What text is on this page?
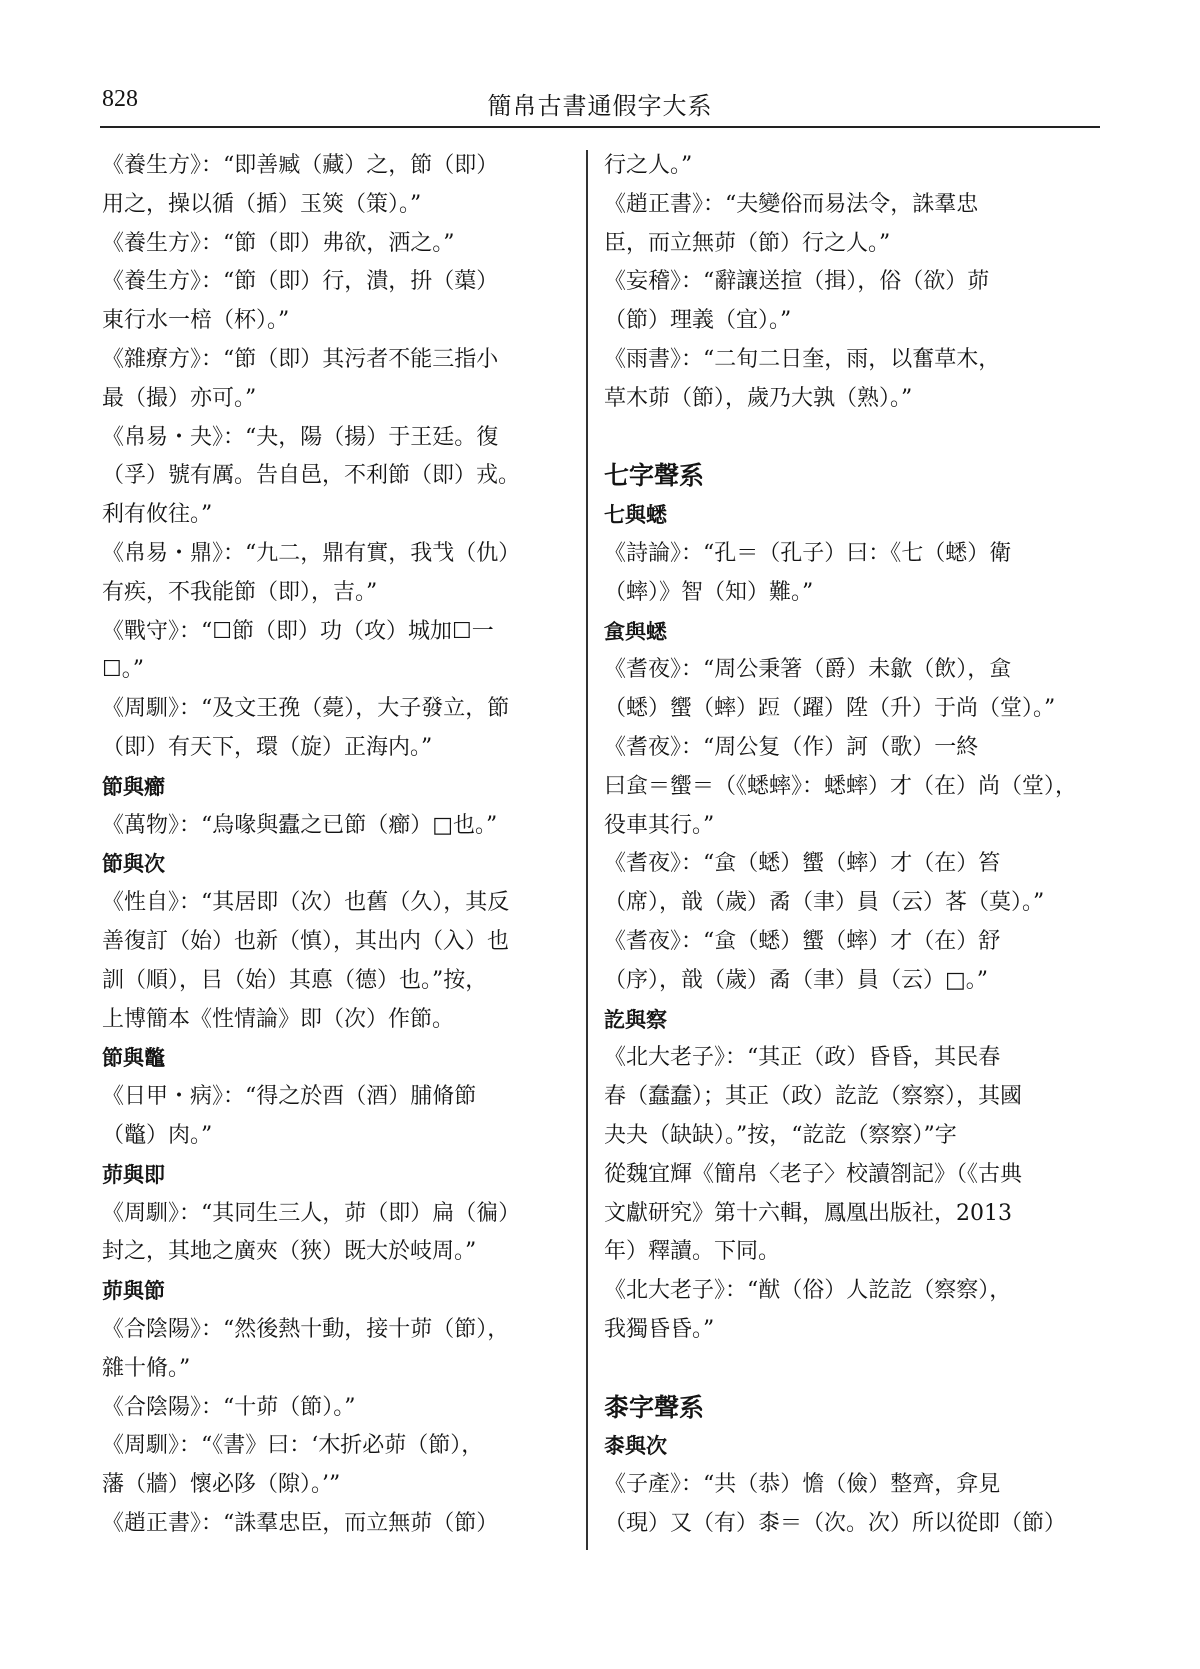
828	簡帛古書通假字大系
《養生方》：“即善臧（藏）之，節（即）
用之，操以循（揗）玉筴（策）。”
《養生方》：“節（即）弗欲，洒之。”
《養生方》：“節（即）行，潰，抍（蕖）
東行水一棓（杯）。”
《雜療方》：“節（即）其污者不能三指小
最（撮）亦可。”
《帛易・夬》：“夬，陽（揚）于王廷。復
（孚）號有厲。告自邑，不利節（即）戎。
利有攸往。”
《帛易・鼎》：“九二，鼎有實，我𢦏（仇）
有疾，不我能節（即），吉。”
《戰守》：“☐節（即）功（攻）城加☐一
☐。”
《周馴》：“及文王㝃（薨），大子發立，節
（即）有天下，環（旋）正海内。”
節與癤
《萬物》：“烏喙與蠹之已節（癤）□也。”
節與次
《性自》：“其居即（次）也舊（久），其反
善復訂（始）也新（慎），其出内（入）也
訓（順），㠯（始）其悳（德）也。”按，
上博簡本《性情論》即（次）作節。
節與鼈
《日甲・病》：“得之於酉（酒）脯脩節
（鼈）肉。”
茆與即
《周馴》：“其同生三人，茆（即）扁（徧）
封之，其地之廣夾（狹）既大於岐周。”
茆與節
《合陰陽》：“然後熱十動，接十茆（節），
雜十脩。”
《合陰陽》：“十茆（節）。”
《周馴》：“《書》曰：‘木折必茆（節），
藩（牆）懷必陊（隙）。’”
《趙正書》：“誅羣忠臣，而立無茆（節）
行之人。”
《趙正書》：“夫變俗而易法令，誅羣忠
臣，而立無茆（節）行之人。”
《妄稽》：“辭讓送揎（揖），俗（欲）茆
（節）理義（宜）。”
《雨書》：“二旬二日奎，雨，以奮草木，
草木茆（節），歲乃大孰（熟）。”
七字聲系
七與蟋
《詩論》：“孔＝（孔子）曰：《七（蟋）衛
（蟀）》智（知）難。”
𧊧與蟋
《耆夜》：“周公秉箸（爵）未歙（飲），𧊧
（蟋）蠁（蟀）𨁋（躍）陞（升）于尚（堂）。”
《耆夜》：“周公复（作）訶（歌）一終
曰𧊧＝蠁＝（《蟋蟀》：蟋蟀）才（在）尚（堂），
役車其行。”
《耆夜》：“𧊧（蟋）蠁（蟀）才（在）笞
（席），戠（歲）矞（聿）員（云）茖（莫）。”
《耆夜》：“𧊧（蟋）蠁（蟀）才（在）舒
（序），戠（歲）矞（聿）員（云）□。”
訖與察
《北大老子》：“其正（政）昏昏，其民春
春（蠢蠢）；其正（政）訖訖（察察），其國
夬夬（缺缺）。”按，“訖訖（察察）”字
從魏宜輝《簡帛〈老子〉校讀劄記》（《古典
文獻研究》第十六輯，鳳凰出版社，2013
年）釋讀。下同。
《北大老子》：“猷（俗）人訖訖（察察），
我獨昏昏。”
桼字聲系
桼與次
《子產》：“共（恭）憺（儉）整齊，弇見
（現）又（有）桼＝（次。次）所以從即（節）
